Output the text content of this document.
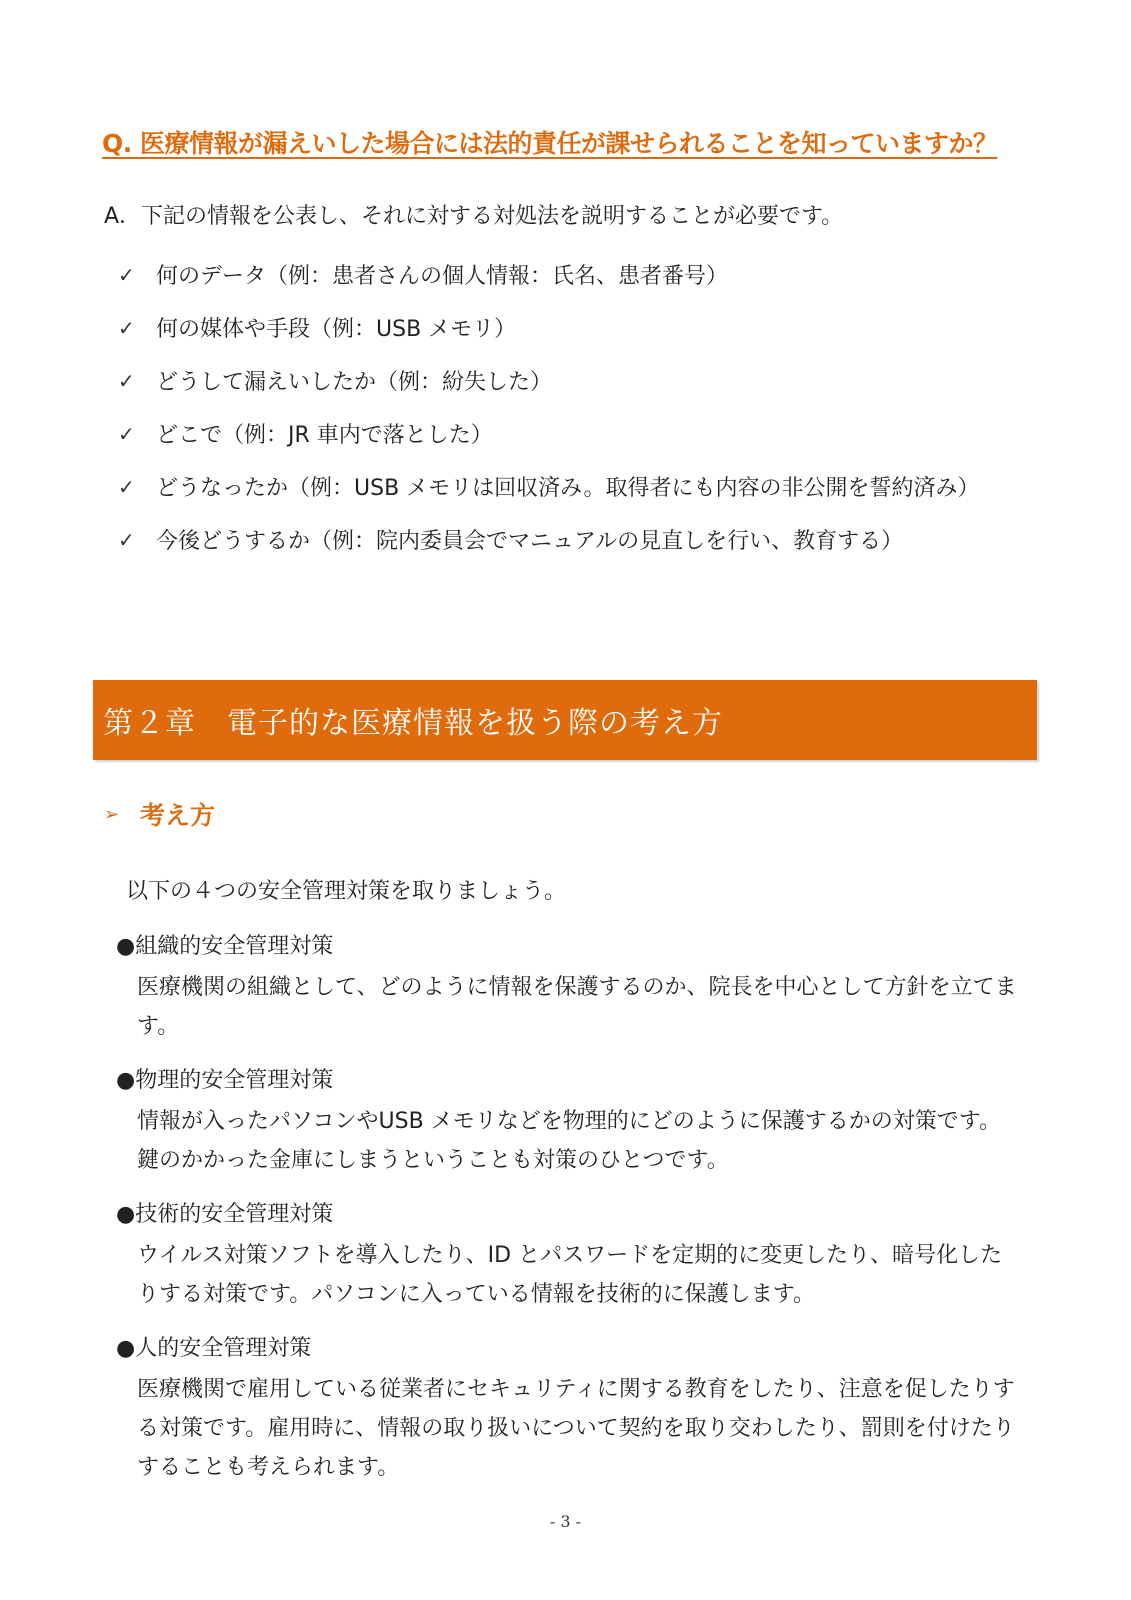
Q. 医療情報が漏えいした場合には法的責任が課せられることを知っていますか？
A．下記の情報を公表し、それに対する対処法を説明することが必要です。
✓ 何のデータ（例：患者さんの個人情報：氏名、患者番号）
✓ 何の媒体や手段（例：USB メモリ）
✓ どうして漏えいしたか（例：紛失した）
✓ どこで（例：JR 車内で落とした）
✓ どうなったか（例：USB メモリは回収済み。取得者にも内容の非公開を誓約済み）
✓ 今後どうするか（例：院内委員会でマニュアルの見直しを行い、教育する）
第２章　電子的な医療情報を扱う際の考え方
➢ 考え方
以下の４つの安全管理対策を取りましょう。
●組織的安全管理対策
医療機関の組織として、どのように情報を保護するのか、院長を中心として方針を立てます。
●物理的安全管理対策
情報が入ったパソコンやUSB メモリなどを物理的にどのように保護するかの対策です。鍵のかかった金庫にしまうということも対策のひとつです。
●技術的安全管理対策
ウイルス対策ソフトを導入したり、ID とパスワードを定期的に変更したり、暗号化したりする対策です。パソコンに入っている情報を技術的に保護します。
●人的安全管理対策
医療機関で雇用している従業者にセキュリティに関する教育をしたり、注意を促したりする対策です。雇用時に、情報の取り扱いについて契約を取り交わしたり、罰則を付けたりすることも考えられます。
- 3 -
